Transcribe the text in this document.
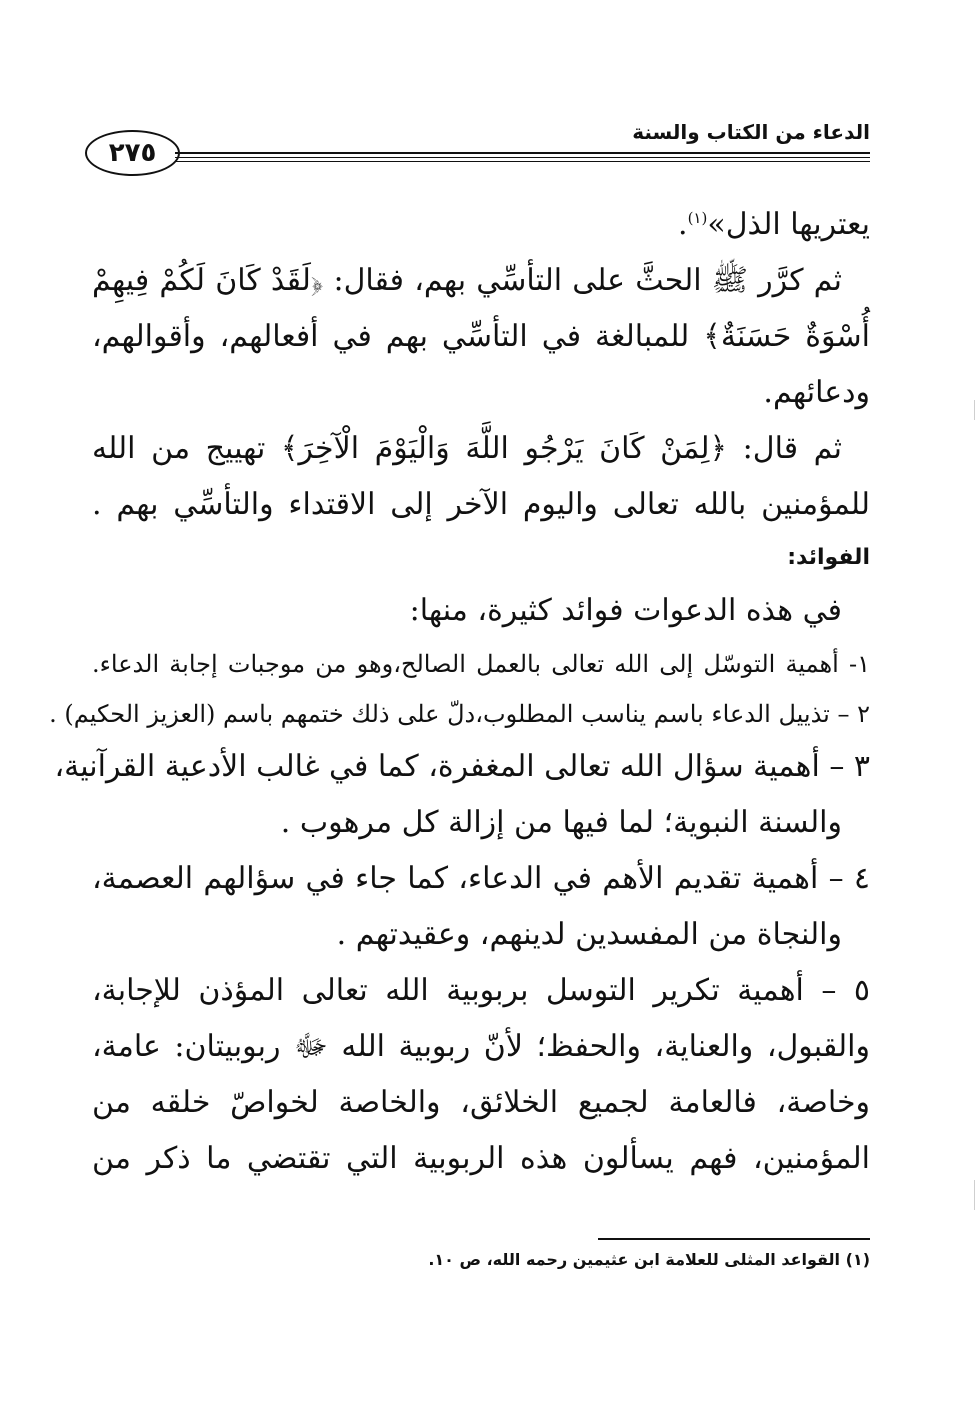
الدعاء من الكتاب والسنة
٢٧٥
يعتريها الذل»$^{(١)}$.
ثم كرَّر ﷺ الحثَّ على التأسِّي بهم، فقال: ﴿لَقَدْ كَانَ لَكُمْ فِيهِمْ
أُسْوَةٌ حَسَنَةٌ﴾ للمبالغة في التأسِّي بهم في أفعالهم، وأقوالهم،
ودعائهم.
ثم قال: ﴿لِمَنْ كَانَ يَرْجُو اللَّهَ وَالْيَوْمَ الْآخِرَ﴾ تهييج من الله
للمؤمنين بالله تعالى واليوم الآخر إلى الاقتداء والتأسِّي بهم .
الفوائد:
في هذه الدعوات فوائد كثيرة، منها:
١- أهمية التوسّل إلى الله تعالى بالعمل الصالح،وهو من موجبات إجابة الدعاء.
٢ – تذييل الدعاء باسم يناسب المطلوب،دلّ على ذلك ختمهم باسم (العزيز الحكيم) .
٣ – أهمية سؤال الله تعالى المغفرة، كما في غالب الأدعية القرآنية،
والسنة النبوية؛ لما فيها من إزالة كل مرهوب .
٤ – أهمية تقديم الأهم في الدعاء، كما جاء في سؤالهم العصمة،
والنجاة من المفسدين لدينهم، وعقيدتهم .
٥ – أهمية تكرير التوسل بربوبية الله تعالى المؤذن للإجابة،
والقبول، والعناية، والحفظ؛ لأنّ ربوبية الله ﷻ ربوبيتان: عامة،
وخاصة، فالعامة لجميع الخلائق، والخاصة لخواصّ خلقه من
المؤمنين، فهم يسألون هذه الربوبية التي تقتضي ما ذكر من
(١) القواعد المثلى للعلامة ابن عثيمين رحمه الله، ص ١٠.
